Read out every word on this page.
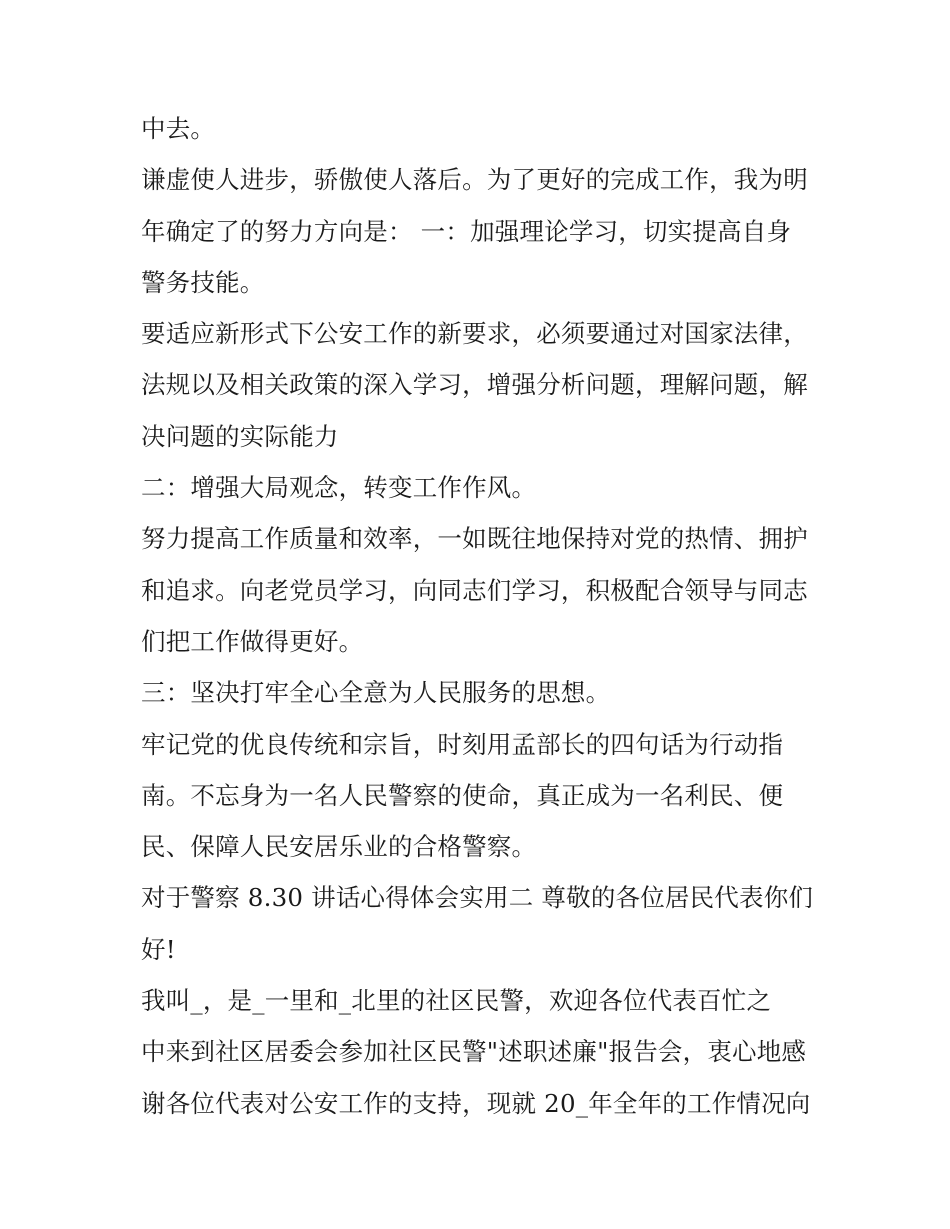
中去。
谦虚使人进步，骄傲使人落后。为了更好的完成工作，我为明
年确定了的努力方向是： 一：加强理论学习，切实提高自身
警务技能。
要适应新形式下公安工作的新要求，必须要通过对国家法律，
法规以及相关政策的深入学习，增强分析问题，理解问题，解
决问题的实际能力
二：增强大局观念，转变工作作风。
努力提高工作质量和效率，一如既往地保持对党的热情、拥护
和追求。向老党员学习，向同志们学习，积极配合领导与同志
们把工作做得更好。
三：坚决打牢全心全意为人民服务的思想。
牢记党的优良传统和宗旨，时刻用孟部长的四句话为行动指
南。不忘身为一名人民警察的使命，真正成为一名利民、便
民、保障人民安居乐业的合格警察。
对于警察 8.30 讲话心得体会实用二 尊敬的各位居民代表你们
好!
我叫_，是_一里和_北里的社区民警，欢迎各位代表百忙之
中来到社区居委会参加社区民警"述职述廉"报告会，衷心地感
谢各位代表对公安工作的支持，现就 20_年全年的工作情况向
